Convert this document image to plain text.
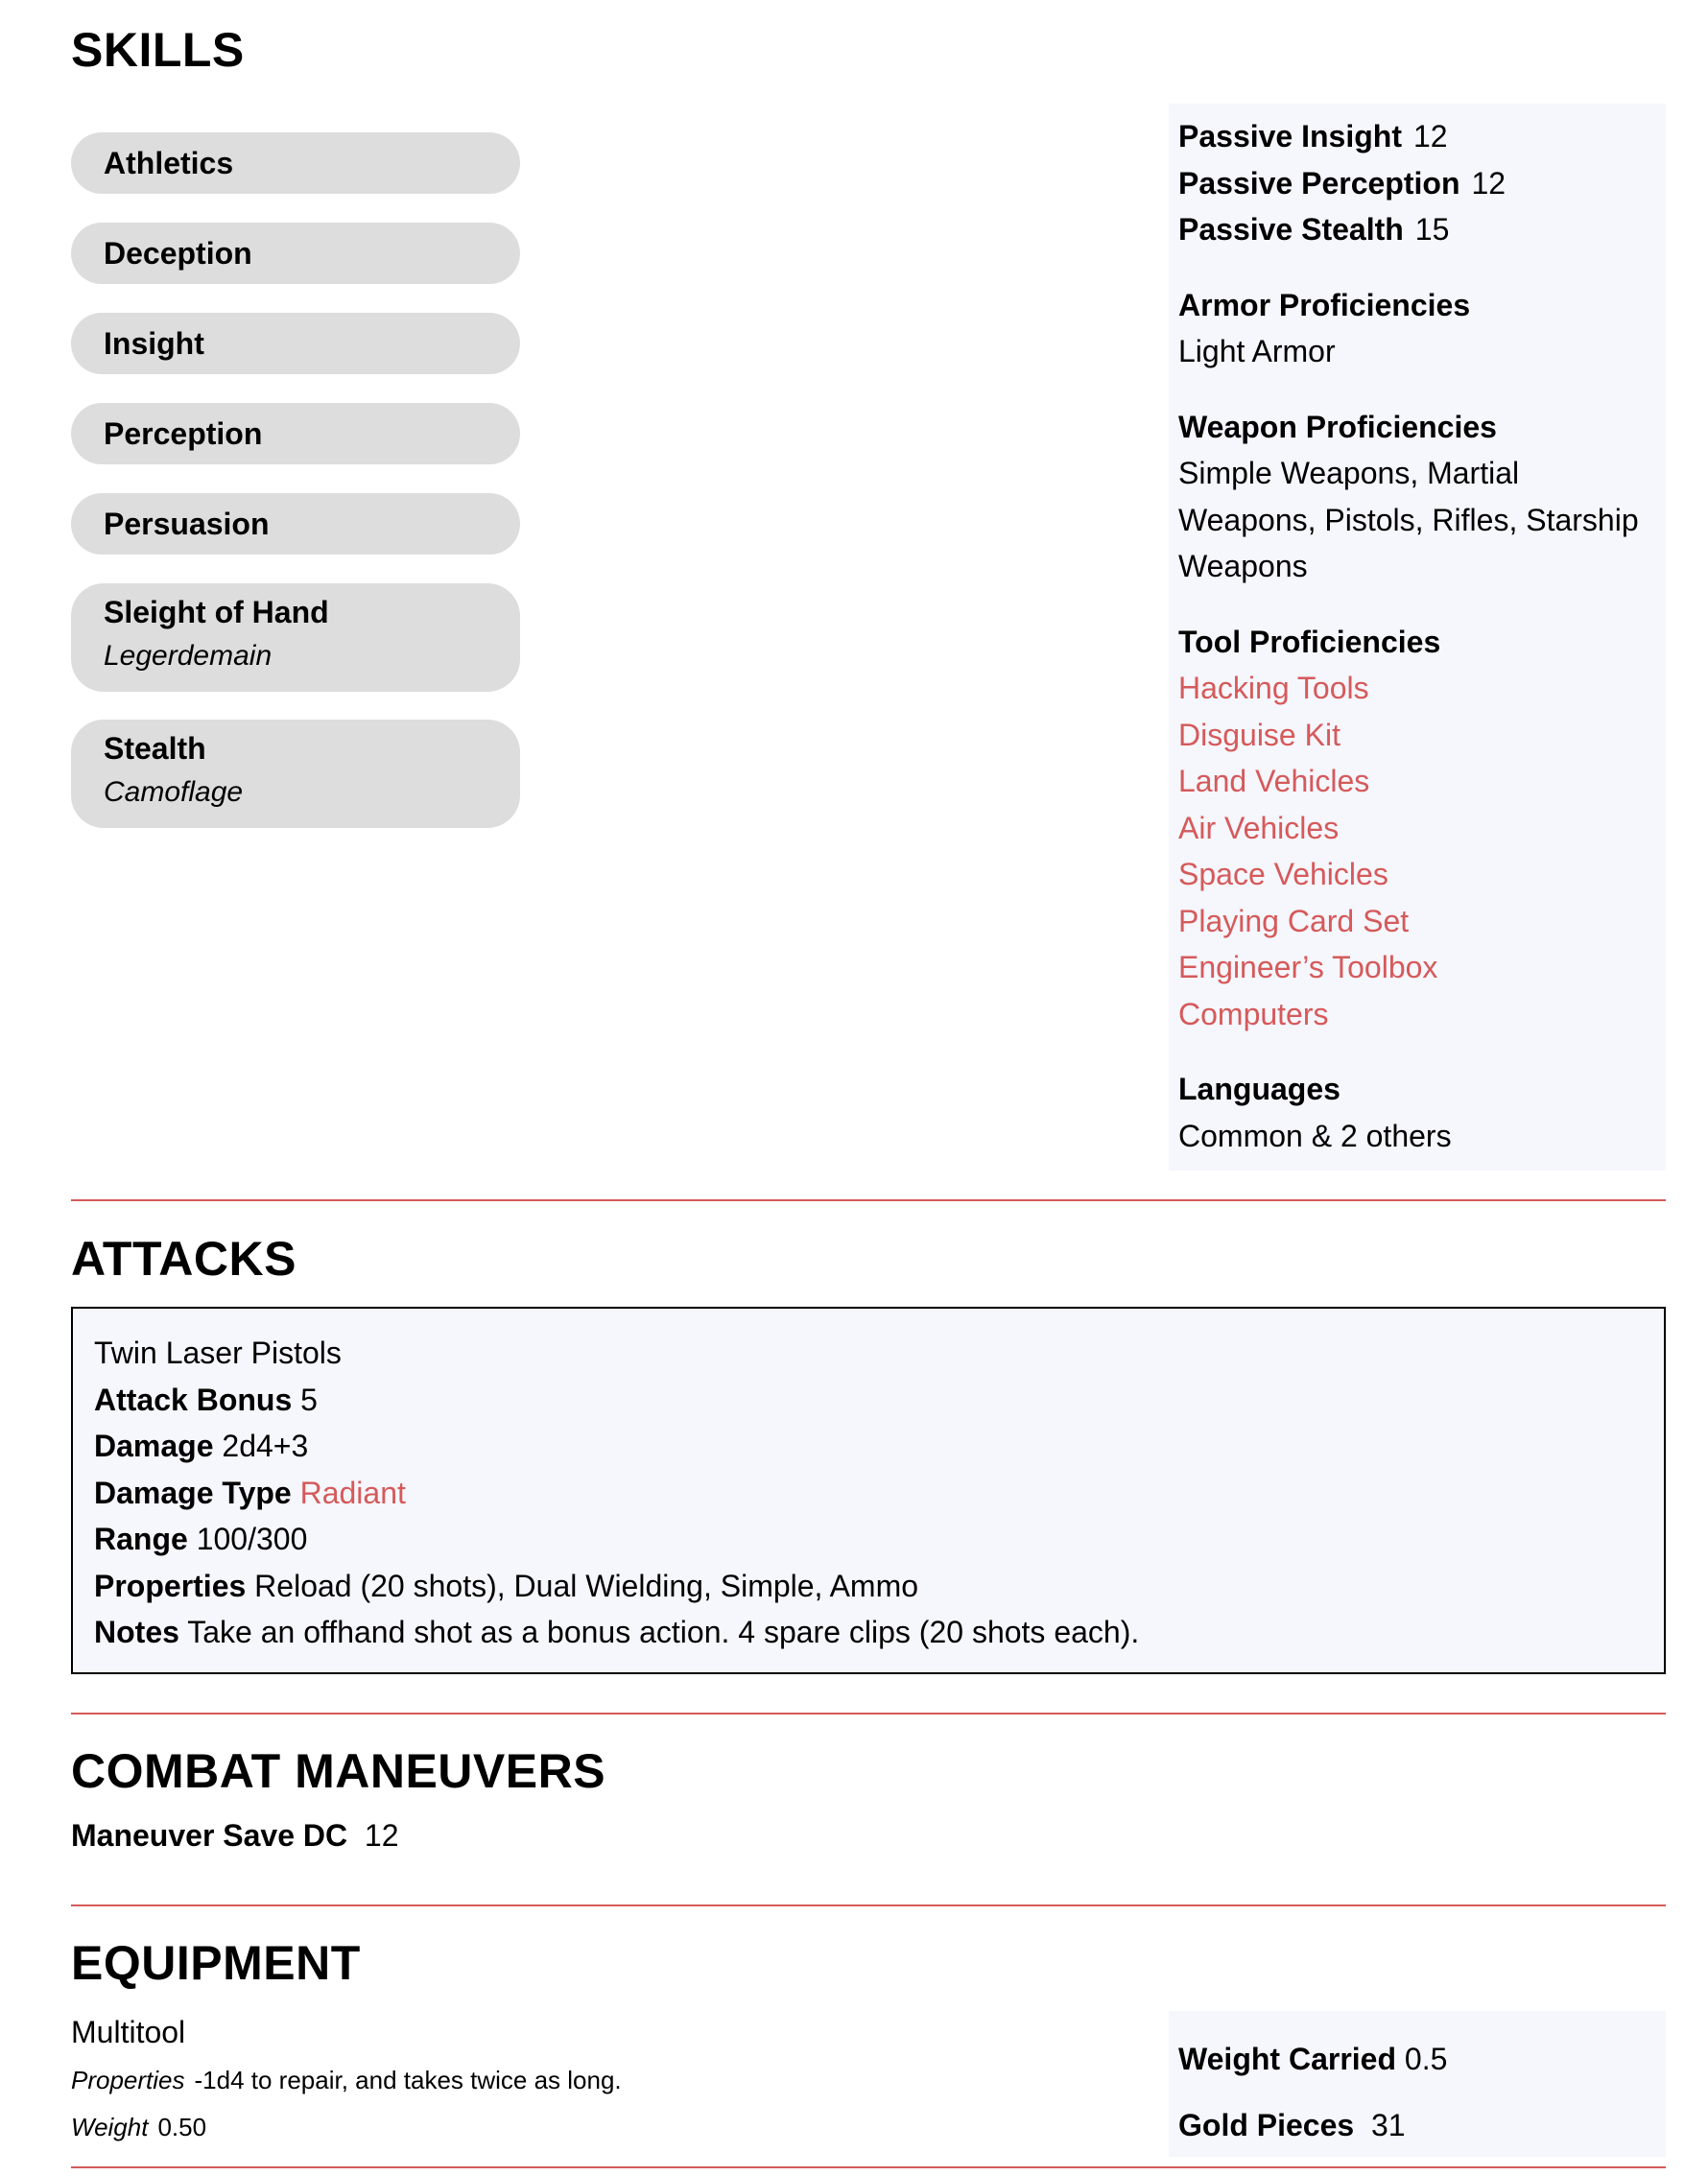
SKILLS
Athletics
Deception
Insight
Perception
Persuasion
Sleight of Hand
Legerdemain
Stealth
Camoflage
Passive Insight 12
Passive Perception 12
Passive Stealth 15
Armor Proficiencies
Light Armor
Weapon Proficiencies
Simple Weapons, Martial Weapons, Pistols, Rifles, Starship Weapons
Tool Proficiencies
Hacking Tools
Disguise Kit
Land Vehicles
Air Vehicles
Space Vehicles
Playing Card Set
Engineer’s Toolbox
Computers
Languages
Common & 2 others
ATTACKS
Twin Laser Pistols
Attack Bonus 5
Damage 2d4+3
Damage Type Radiant
Range 100/300
Properties Reload (20 shots), Dual Wielding, Simple, Ammo
Notes Take an offhand shot as a bonus action. 4 spare clips (20 shots each).
COMBAT MANEUVERS
Maneuver Save DC 12
EQUIPMENT
Multitool
Properties -1d4 to repair, and takes twice as long.
Weight 0.50
Weight Carried 0.5
Gold Pieces 31
